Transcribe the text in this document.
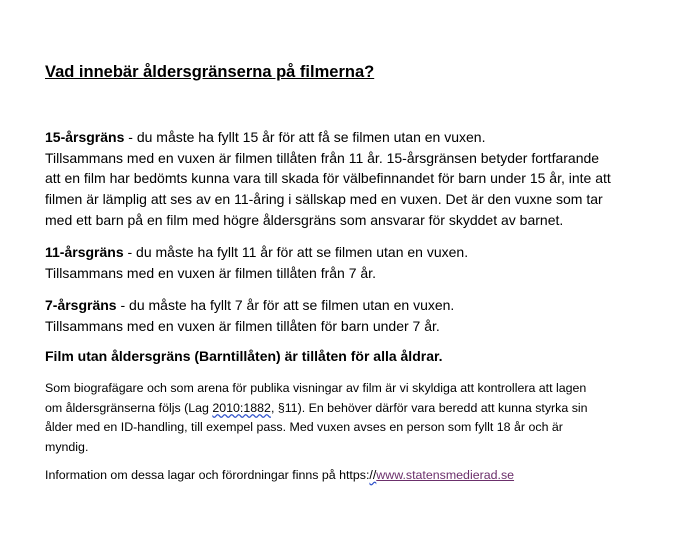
Vad innebär åldersgränserna på filmerna?
15-årsgräns - du måste ha fyllt 15 år för att få se filmen utan en vuxen.
Tillsammans med en vuxen är filmen tillåten från 11 år. 15-årsgränsen betyder fortfarande
att en film har bedömts kunna vara till skada för välbefinnandet för barn under 15 år, inte att
filmen är lämplig att ses av en 11-åring i sällskap med en vuxen. Det är den vuxne som tar
med ett barn på en film med högre åldersgräns som ansvarar för skyddet av barnet.
11-årsgräns - du måste ha fyllt 11 år för att se filmen utan en vuxen.
Tillsammans med en vuxen är filmen tillåten från 7 år.
7-årsgräns - du måste ha fyllt 7 år för att se filmen utan en vuxen.
Tillsammans med en vuxen är filmen tillåten för barn under 7 år.
Film utan åldersgräns (Barntillåten) är tillåten för alla åldrar.
Som biografägare och som arena för publika visningar av film är vi skyldiga att kontrollera att lagen
om åldersgränserna följs (Lag 2010:1882, §11). En behöver därför vara beredd att kunna styrka sin
ålder med en ID-handling, till exempel pass. Med vuxen avses en person som fyllt 18 år och är
myndig.
Information om dessa lagar och förordningar finns på https://www.statensmedierad.se
